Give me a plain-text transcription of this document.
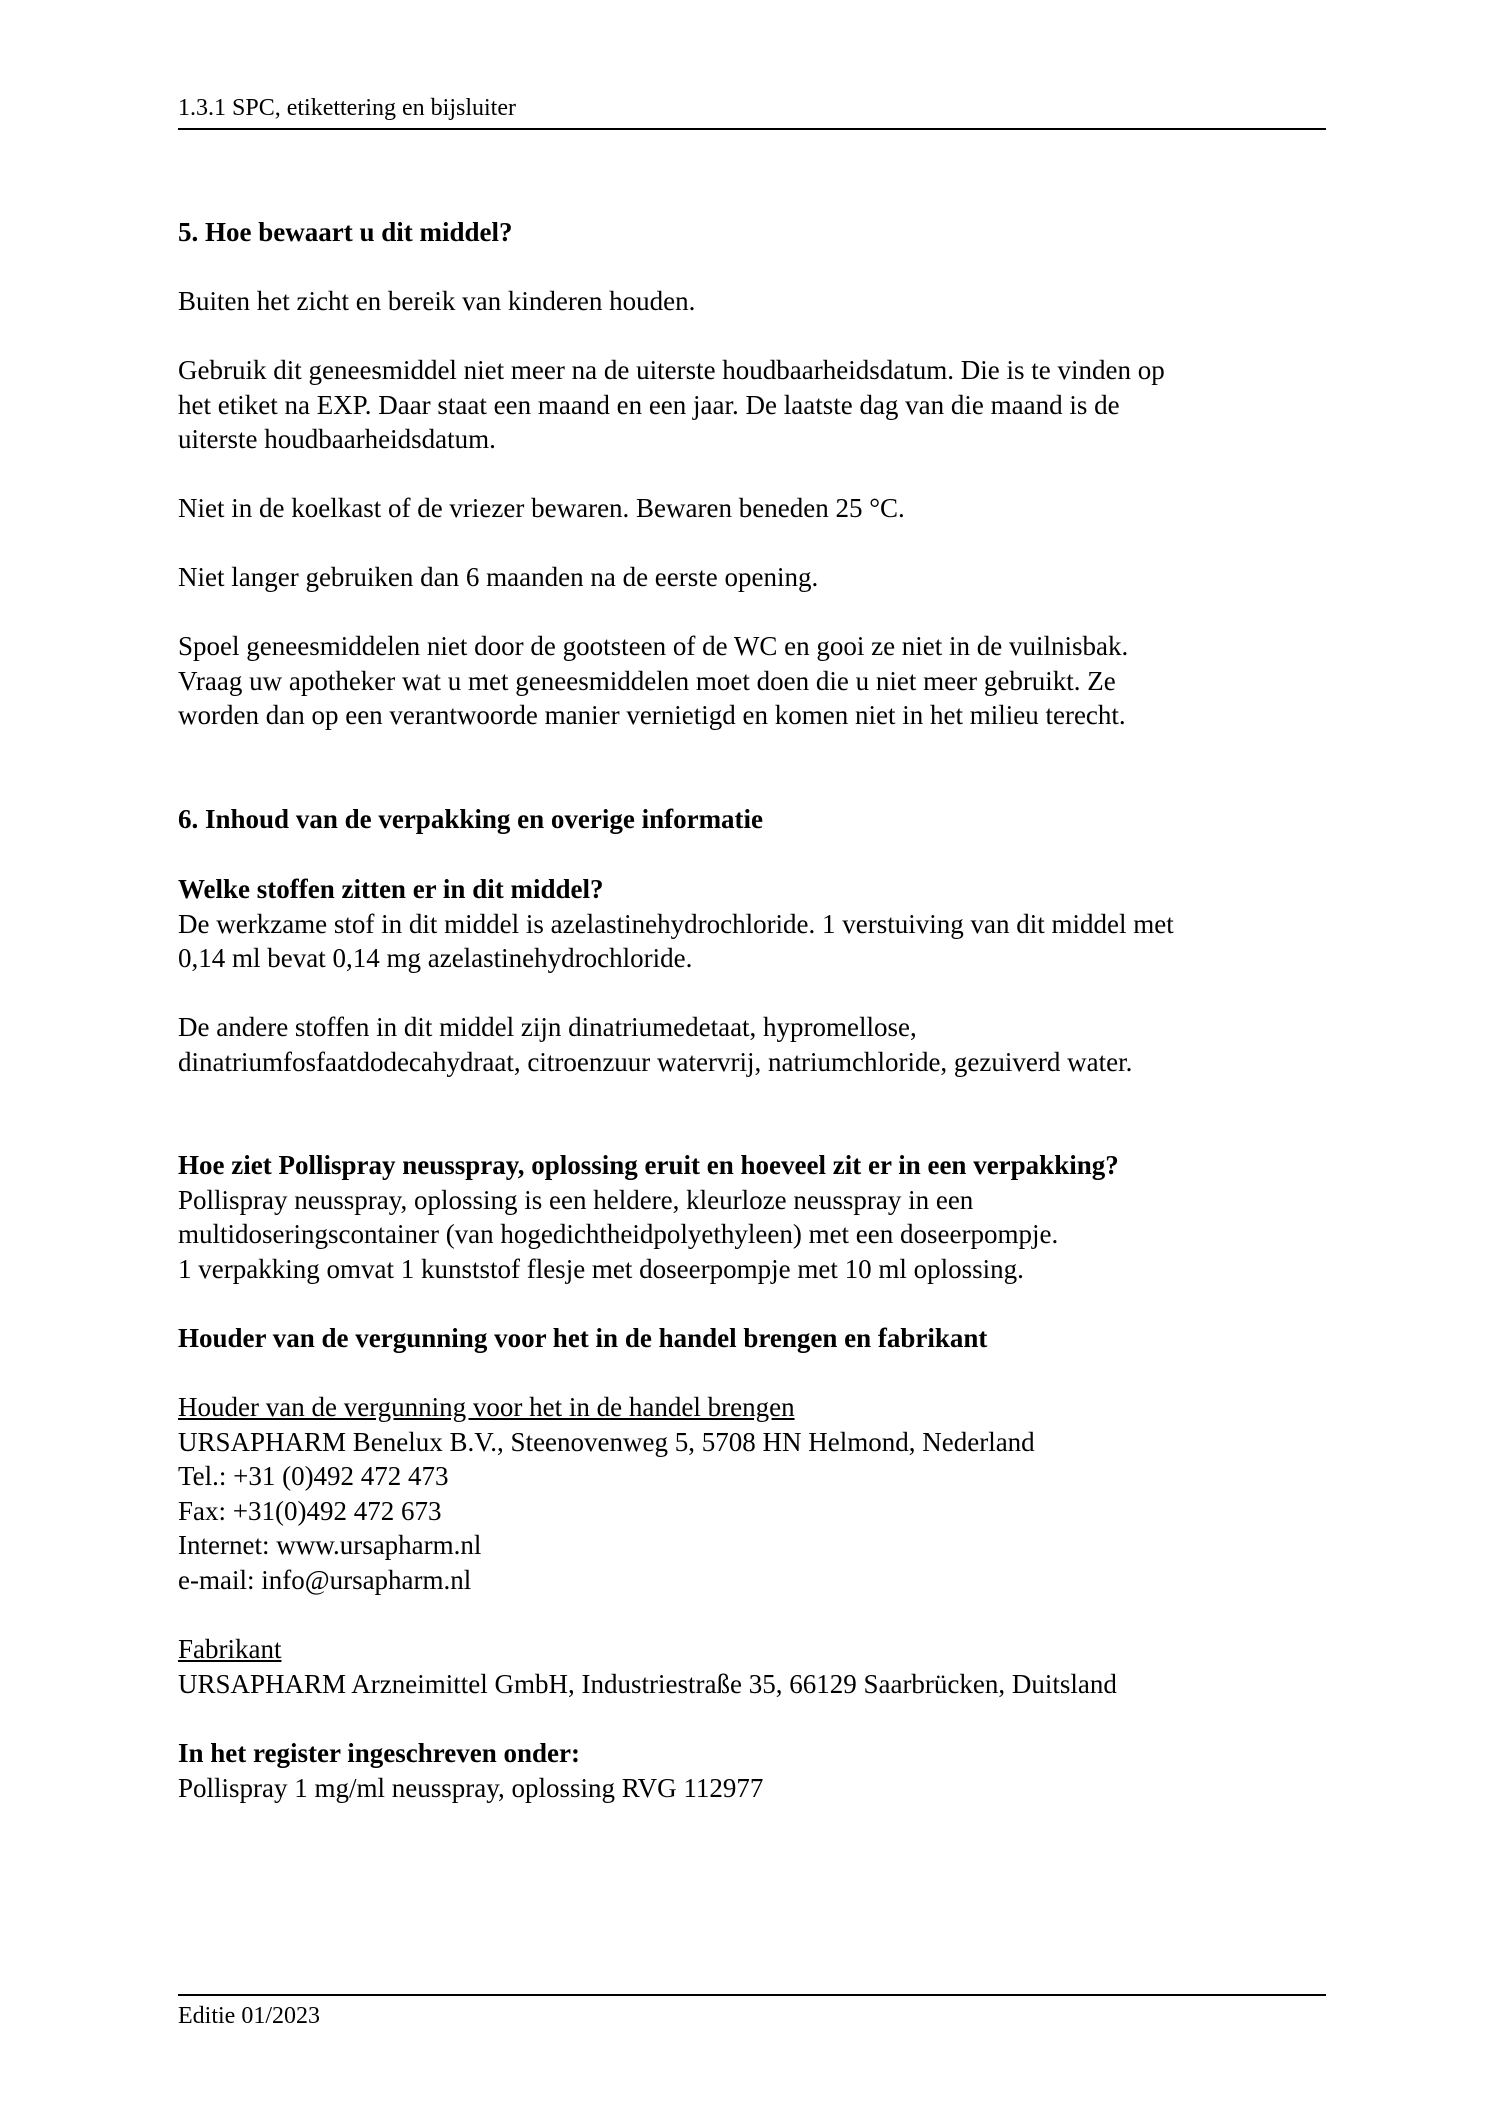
1.3.1 SPC, etikettering en bijsluiter
5. Hoe bewaart u dit middel?

Buiten het zicht en bereik van kinderen houden.

Gebruik dit geneesmiddel niet meer na de uiterste houdbaarheidsdatum. Die is te vinden op
het etiket na EXP. Daar staat een maand en een jaar. De laatste dag van die maand is de
uiterste houdbaarheidsdatum.

Niet in de koelkast of de vriezer bewaren. Bewaren beneden 25 °C.

Niet langer gebruiken dan 6 maanden na de eerste opening.

Spoel geneesmiddelen niet door de gootsteen of de WC en gooi ze niet in de vuilnisbak.
Vraag uw apotheker wat u met geneesmiddelen moet doen die u niet meer gebruikt. Ze
worden dan op een verantwoorde manier vernietigd en komen niet in het milieu terecht.

6. Inhoud van de verpakking en overige informatie
Welke stoffen zitten er in dit middel?
De werkzame stof in dit middel is azelastinehydrochloride. 1 verstuiving van dit middel met
0,14 ml bevat 0,14 mg azelastinehydrochloride.

De andere stoffen in dit middel zijn dinatriumedetaat, hypromellose,
dinatriumfosfaatdodecahydraat, citroenzuur watervrij, natriumchloride, gezuiverd water.

Hoe ziet Pollispray neusspray, oplossing eruit en hoeveel zit er in een verpakking?
Pollispray neusspray, oplossing is een heldere, kleurloze neusspray in een
multidoseringscontainer (van hogedichtheidpolyethyleen) met een doseerpompje.
1 verpakking omvat 1 kunststof flesje met doseerpompje met 10 ml oplossing.
Houder van de vergunning voor het in de handel brengen en fabrikant
Houder van de vergunning voor het in de handel brengen
URSAPHARM Benelux B.V., Steenovenweg 5, 5708 HN Helmond, Nederland
Tel.: +31 (0)492 472 473
Fax: +31(0)492 472 673
Internet: www.ursapharm.nl
e-mail: info@ursapharm.nl
Fabrikant
URSAPHARM Arzneimittel GmbH, Industriestraße 35, 66129 Saarbrücken, Duitsland
In het register ingeschreven onder:
Pollispray 1 mg/ml neusspray, oplossing RVG 112977
Editie 01/2023
